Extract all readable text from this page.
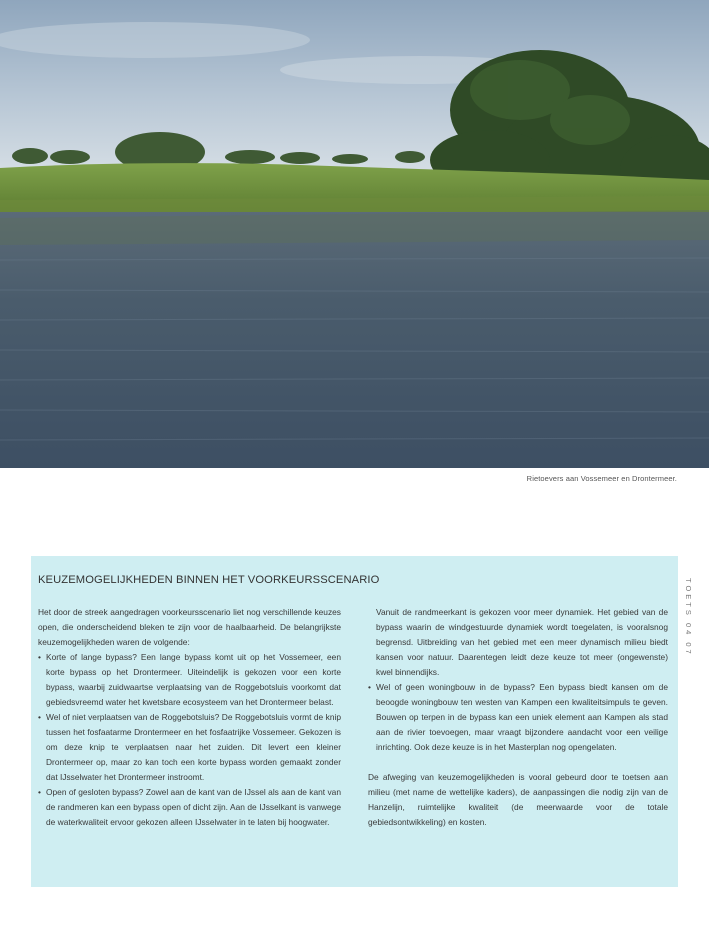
Rietoevers aan Vossemeer en Drontermeer.
TOETS 04 07
KEUZEMOGELIJKHEDEN BINNEN HET VOORKEURSSCENARIO

Het door de streek aangedragen voorkeursscenario liet nog verschillende keuzes open, die onderscheidend bleken te zijn voor de haalbaarheid. De belangrijkste keuzemogelijkheden waren de volgende:

• Korte of lange bypass? Een lange bypass komt uit op het Vossemeer, een korte bypass op het Drontermeer. Uiteindelijk is gekozen voor een korte bypass, waarbij zuidwaartse verplaatsing van de Roggebotsluis voorkomt dat gebiedsvreemd water het kwetsbare ecosysteem van het Drontermeer belast.
• Wel of niet verplaatsen van de Roggebotsluis? De Roggebotsluis vormt de knip tussen het fosfaatarme Drontermeer en het fosfaatrijke Vossemeer. Gekozen is om deze knip te verplaatsen naar het zuiden. Dit levert een kleiner Drontermeer op, maar zo kan toch een korte bypass worden gemaakt zonder dat IJsselwater het Drontermeer instroomt.
• Open of gesloten bypass? Zowel aan de kant van de IJssel als aan de kant van de randmeren kan een bypass open of dicht zijn. Aan de IJsselkant is vanwege de waterkwaliteit ervoor gekozen alleen IJsselwater in te laten bij hoogwater.

Vanuit de randmeerkant is gekozen voor meer dynamiek. Het gebied van de bypass waarin de windgestuurde dynamiek wordt toegelaten, is vooralsnog begrensd. Uitbreiding van het gebied met een meer dynamisch milieu biedt kansen voor natuur. Daarentegen leidt deze keuze tot meer (ongewenste) kwel binnendijks.

• Wel of geen woningbouw in de bypass? Een bypass biedt kansen om de beoogde woningbouw ten westen van Kampen een kwaliteitsimpuls te geven. Bouwen op terpen in de bypass kan een uniek element aan Kampen als stad aan de rivier toevoegen, maar vraagt bijzondere aandacht voor een veilige inrichting. Ook deze keuze is in het Masterplan nog opengelaten.

De afweging van keuzemogelijkheden is vooral gebeurd door te toetsen aan milieu (met name de wettelijke kaders), de aanpassingen die nodig zijn van de Hanzelijn, ruimtelijke kwaliteit (de meerwaarde voor de totale gebiedsontwikkeling) en kosten.
